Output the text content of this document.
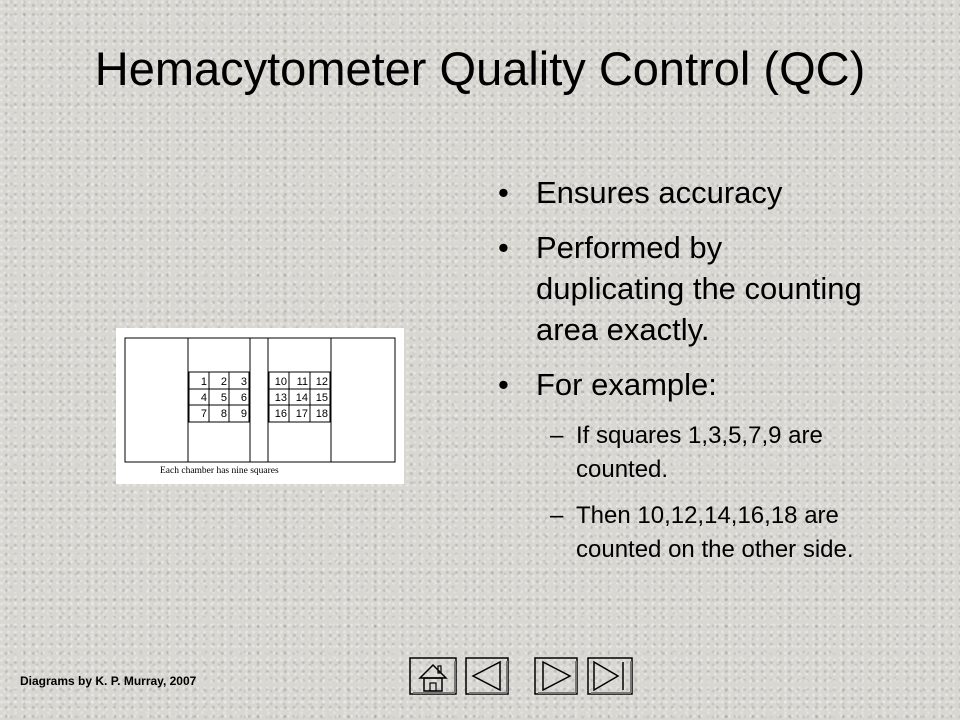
Hemacytometer Quality Control (QC)
• Ensures accuracy
• Performed by duplicating the counting area exactly.
• For example:
– If squares 1,3,5,7,9 are counted.
– Then 10,12,14,16,18 are counted on the other side.
1 2 3
4 5 6
7 8 9
10 11 12
13 14 15
16 17 18
Each chamber has nine squares
Diagrams by K. P. Murray, 2007
